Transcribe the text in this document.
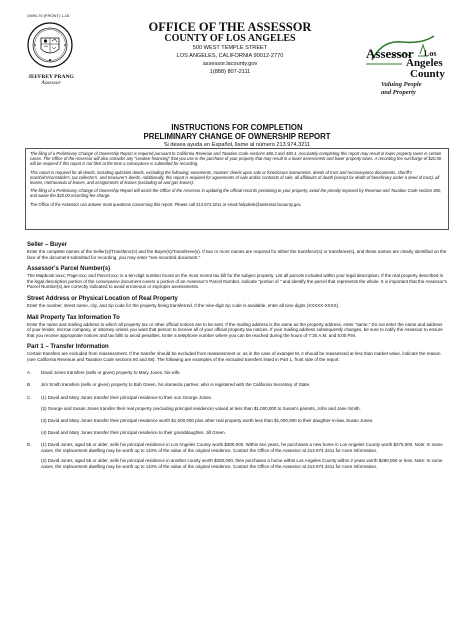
OWN-70 (FRONT) 1-16
JEFFREY PRANG
Assessor
OFFICE OF THE ASSESSOR
COUNTY OF LOS ANGELES
500 WEST TEMPLE STREET
LOS ANGELES, CALIFORNIA 90012-2770
assessor.lacounty.gov
1(888) 807-2111
Assessor Los
Angeles
County
Valuing People
and Property
INSTRUCTIONS FOR COMPLETION
PRELIMINARY CHANGE OF OWNERSHIP REPORT
Si desea ayuda en Español, llame al número 213.974.3211

The filing of a Preliminary Change of Ownership Report is required pursuant to California Revenue and Taxation Code sections 480.3 and 480.4. Accurately completing this report may result in lower property taxes in certain cases. The Office of the Assessor will also consider any "creative financing" that you use in the purchase of your property that may result in a lower assessment and lower property taxes. A recording fee surcharge of $20.00 will be required if this report is not filed at the time a conveyance is submitted for recording.

This report is required for all deeds, including quitclaim deeds, excluding the following: easements, trustees' deeds upon sale or foreclosure instruments, deeds of trust and reconveyance documents, sheriff's marshal's/constable's, tax collector's, and treasurer's deeds. Additionally, this report is required for agreements of sale and/or contracts of sale, all affidavits of death (except for death of beneficiary under a deed of trust), all leases, memoranda of leases, and assignments of leases (excluding oil and gas leases).

The filing of a Preliminary Change of Ownership Report will assist the Office of the Assessor in updating the official records pertaining to your property, avoid the penalty imposed by Revenue and Taxation Code section 480, and waive the $20.00 recording fee charge.

The Office of the Assessor can answer most questions concerning this report. Please call 213.974.3211 or email helpdesk@assessor.lacounty.gov.

Seller – Buyer

Enter the complete names of the Seller(s)/Transferor(s) and the Buyer(s)/Transferee(s). If two or more names are required for either the transferor(s) or transferee(s), and these names are clearly identified on the face of the document submitted for recording, you may enter "see recorded document."

Assessor's Parcel Number(s)

The Mapbook:xxxx; Page:xxx; and Parcel:xxx; is a ten-digit number found on the most recent tax bill for the subject property. List all parcels included within your legal description. If the real property described in the legal description portion of the conveyance document covers a portion of an Assessor's Parcel Number, indicate "portion of " and identify the parcel that represents the whole. It is important that the Assessor's Parcel Number(s) are correctly indicated to avoid erroneous or improper assessments.

Street Address or Physical Location of Real Property

Enter the number, street name, city, and zip code for the property being transferred. If the nine-digit zip code is available, enter all nine digits (XXXXX-XXXX).

Mail Property Tax Information To

Enter the name and mailing address to which all property tax or other official notices are to be sent. If the mailing address is the same as the property address, enter "same." Do not enter the name and address of your lender, escrow company, or attorney unless you want that person to receive all of your official property tax notices. If your mailing address subsequently changes, be sure to notify the Assessor to ensure that you receive appropriate notices and tax bills to avoid penalties. Enter a telephone number where you can be reached during the hours of 7:30 A.M. and 5:00 P.M.

Part 1 – Transfer Information

Certain transfers are excluded from reassessment. If the transfer should be excluded from reassessment or, as in the case of example M, it should be reassessed at less than market value, indicate the reason (see California Revenue and Taxation Code sections 60 and 68). The following are examples of the excluded transfers listed in Part 1, front side of the report:

A.	David Jones transfers (sells or gives) property to Mary Jones, his wife.
B.	Jim Smith transfers (sells or gives) property to Bob Green, his domestic partner, who is registered with the California Secretary of State.
C.	(1) David and Mary Jones transfer their principal residence to their son George Jones.
(2) George and Susan Jones transfer their real property (excluding principal residence) valued at less than $1,000,000 to Susan's parents, John and Jane Smith.
(3) David and Mary Jones transfer their principal residence worth $1,500,000 plus other real property worth less than $1,000,000 to their daughter-in-law, Susan Jones.
(4) David and Mary Jones transfer their principal residence to their granddaughter, Jill Green.
D.	(1) David Jones, aged 55 or older, sells his principal residence in Los Angeles County worth $300,000. Within two years, he purchases a new home in Los Angeles County worth $275,000. Note: In some cases, the replacement dwelling may be worth up to 110% of the value of the original residence. Contact the Office of the Assessor at 213.974.3211 for more information.
(2) David Jones, aged 55 or older, sells his principal residence in another county worth $250,000, then purchases a home within Los Angeles County within 2 years worth $280,000 or less. Note: In some cases, the replacement dwelling may be worth up to 110% of the value of the original residence. Contact the Office of the Assessor at 213.974.3211 for more information.
